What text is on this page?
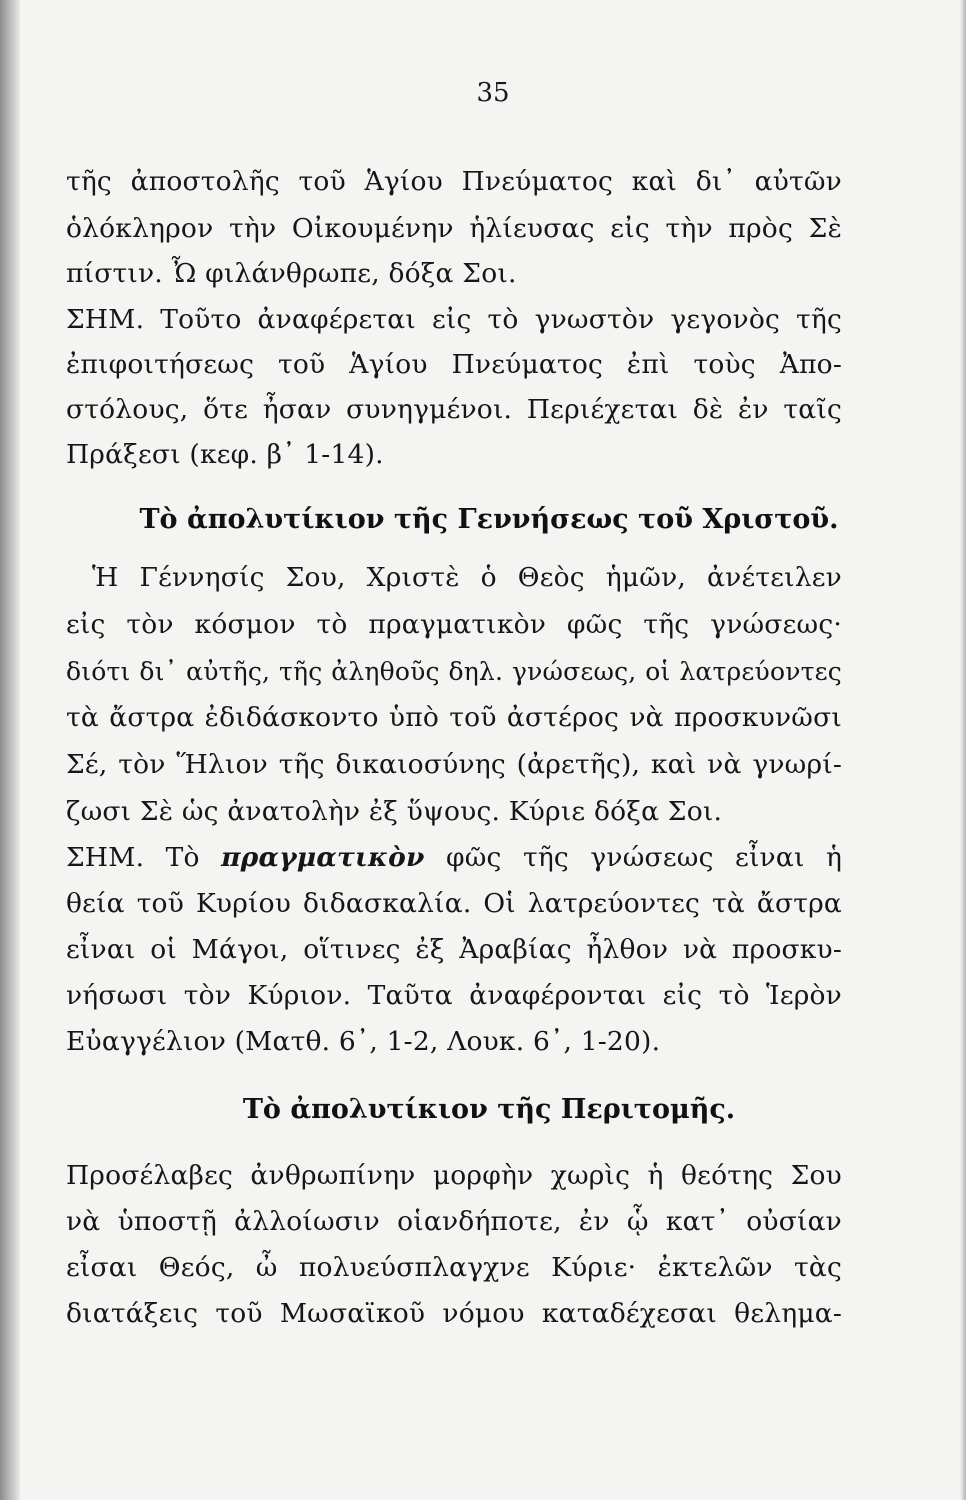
35
τῆς ἀποστολῆς τοῦ Ἁγίου Πνεύματος καὶ δι᾽ αὐτῶν
ὁλόκληρον τὴν Οἰκουμένην ἡλίευσας εἰς τὴν πρὸς Σὲ
πίστιν. Ὦ φιλάνθρωπε, δόξα Σοι.
ΣΗΜ. Τοῦτο ἀναφέρεται εἰς τὸ γνωστὸν γεγονὸς τῆς
ἐπιφοιτήσεως τοῦ Ἁγίου Πνεύματος ἐπὶ τοὺς Ἀπο-
στόλους, ὅτε ἦσαν συνηγμένοι. Περιέχεται δὲ ἐν ταῖς
Πράξεσι (κεφ. β᾽ 1-14).
Τὸ ἀπολυτίκιον τῆς Γεννήσεως τοῦ Χριστοῦ.
Ἡ Γέννησίς Σου, Χριστὲ ὁ Θεὸς ἡμῶν, ἀνέτειλεν
εἰς τὸν κόσμον τὸ πραγματικὸν φῶς τῆς γνώσεως·
διότι δι᾽ αὐτῆς, τῆς ἀληθοῦς δηλ. γνώσεως, οἱ λατρεύοντες
τὰ ἄστρα ἐδιδάσκοντο ὑπὸ τοῦ ἀστέρος νὰ προσκυνῶσι
Σέ, τὸν Ἥλιον τῆς δικαιοσύνης (ἀρετῆς), καὶ νὰ γνωρί-
ζωσι Σὲ ὡς ἀνατολὴν ἐξ ὕψους. Κύριε δόξα Σοι.
ΣΗΜ. Τὸ πραγματικὸν φῶς τῆς γνώσεως εἶναι ἡ
θεία τοῦ Κυρίου διδασκαλία. Οἱ λατρεύοντες τὰ ἄστρα
εἶναι οἱ Μάγοι, οἵτινες ἐξ Ἀραβίας ἦλθον νὰ προσκυ-
νήσωσι τὸν Κύριον. Ταῦτα ἀναφέρονται εἰς τὸ Ἱερὸν
Εὐαγγέλιον (Ματθ. 6᾽, 1-2, Λουκ. 6᾽, 1-20).
Τὸ ἀπολυτίκιον τῆς Περιτομῆς.
Προσέλαβες ἀνθρωπίνην μορφὴν χωρὶς ἡ θεότης Σου
νὰ ὑποστῇ ἀλλοίωσιν οἱανδήποτε, ἐν ᾧ κατ᾽ οὐσίαν
εἶσαι Θεός, ὦ πολυεύσπλαγχνε Κύριε· ἐκτελῶν τὰς
διατάξεις τοῦ Μωσαϊκοῦ νόμου καταδέχεσαι θελημα-
